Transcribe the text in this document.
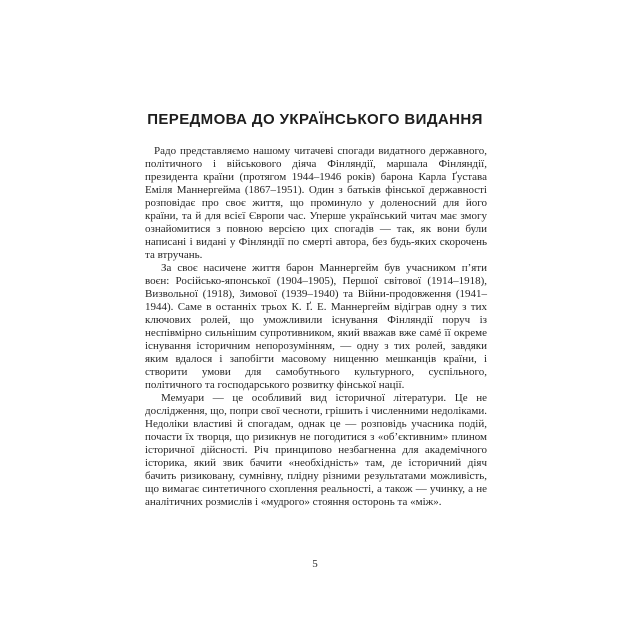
ПЕРЕДМОВА ДО УКРАЇНСЬКОГО ВИДАННЯ

Радо представляємо нашому читачеві спогади видатного державного, політичного і військового діяча Фінляндії, маршала Фінляндії, президента країни (протягом 1944–1946 років) барона Карла Ґустава Еміля Маннергейма (1867–1951). Один з батьків фінської державності розповідає про своє життя, що проминуло у доленосний для його країни, та й для всієї Європи час. Уперше український читач має змогу ознайомитися з повною версією цих спогадів — так, як вони були написані і видані у Фінляндії по смерті автора, без будь-яких скорочень та втручань.

За своє насичене життя барон Маннергейм був учасником п’яти воєн: Російсько-японської (1904–1905), Першої світової (1914–1918), Визвольної (1918), Зимової (1939–1940) та Війни-продовження (1941–1944). Саме в останніх трьох К. Ґ. Е. Маннергейм відіграв одну з тих ключових ролей, що уможливили існування Фінляндії поруч із неспівмірно сильнішим супротивником, який вважав вже самé її окреме існування історичним непорозумінням, — одну з тих ролей, завдяки яким вдалося і запобігти масовому нищенню мешканців країни, і створити умови для самобутнього культурного, суспільного, політичного та господарського розвитку фінської нації.

Мемуари — це особливий вид історичної літератури. Це не дослідження, що, попри свої чесноти, грішить і численними недоліками. Недоліки властиві й спогадам, однак це — розповідь учасника подій, почасти їх творця, що ризикнув не погодитися з «об’єктивним» плином історичної дійсності. Річ принципово незбагненна для академічного історика, який звик бачити «необхідність» там, де історичний діяч бачить ризиковану, сумнівну, плідну різними результатами можливість, що вимагає синтетичного схоплення реальності, а також — учинку, а не аналітичних розмислів і «мудрого» стояння осторонь та «між».

5
